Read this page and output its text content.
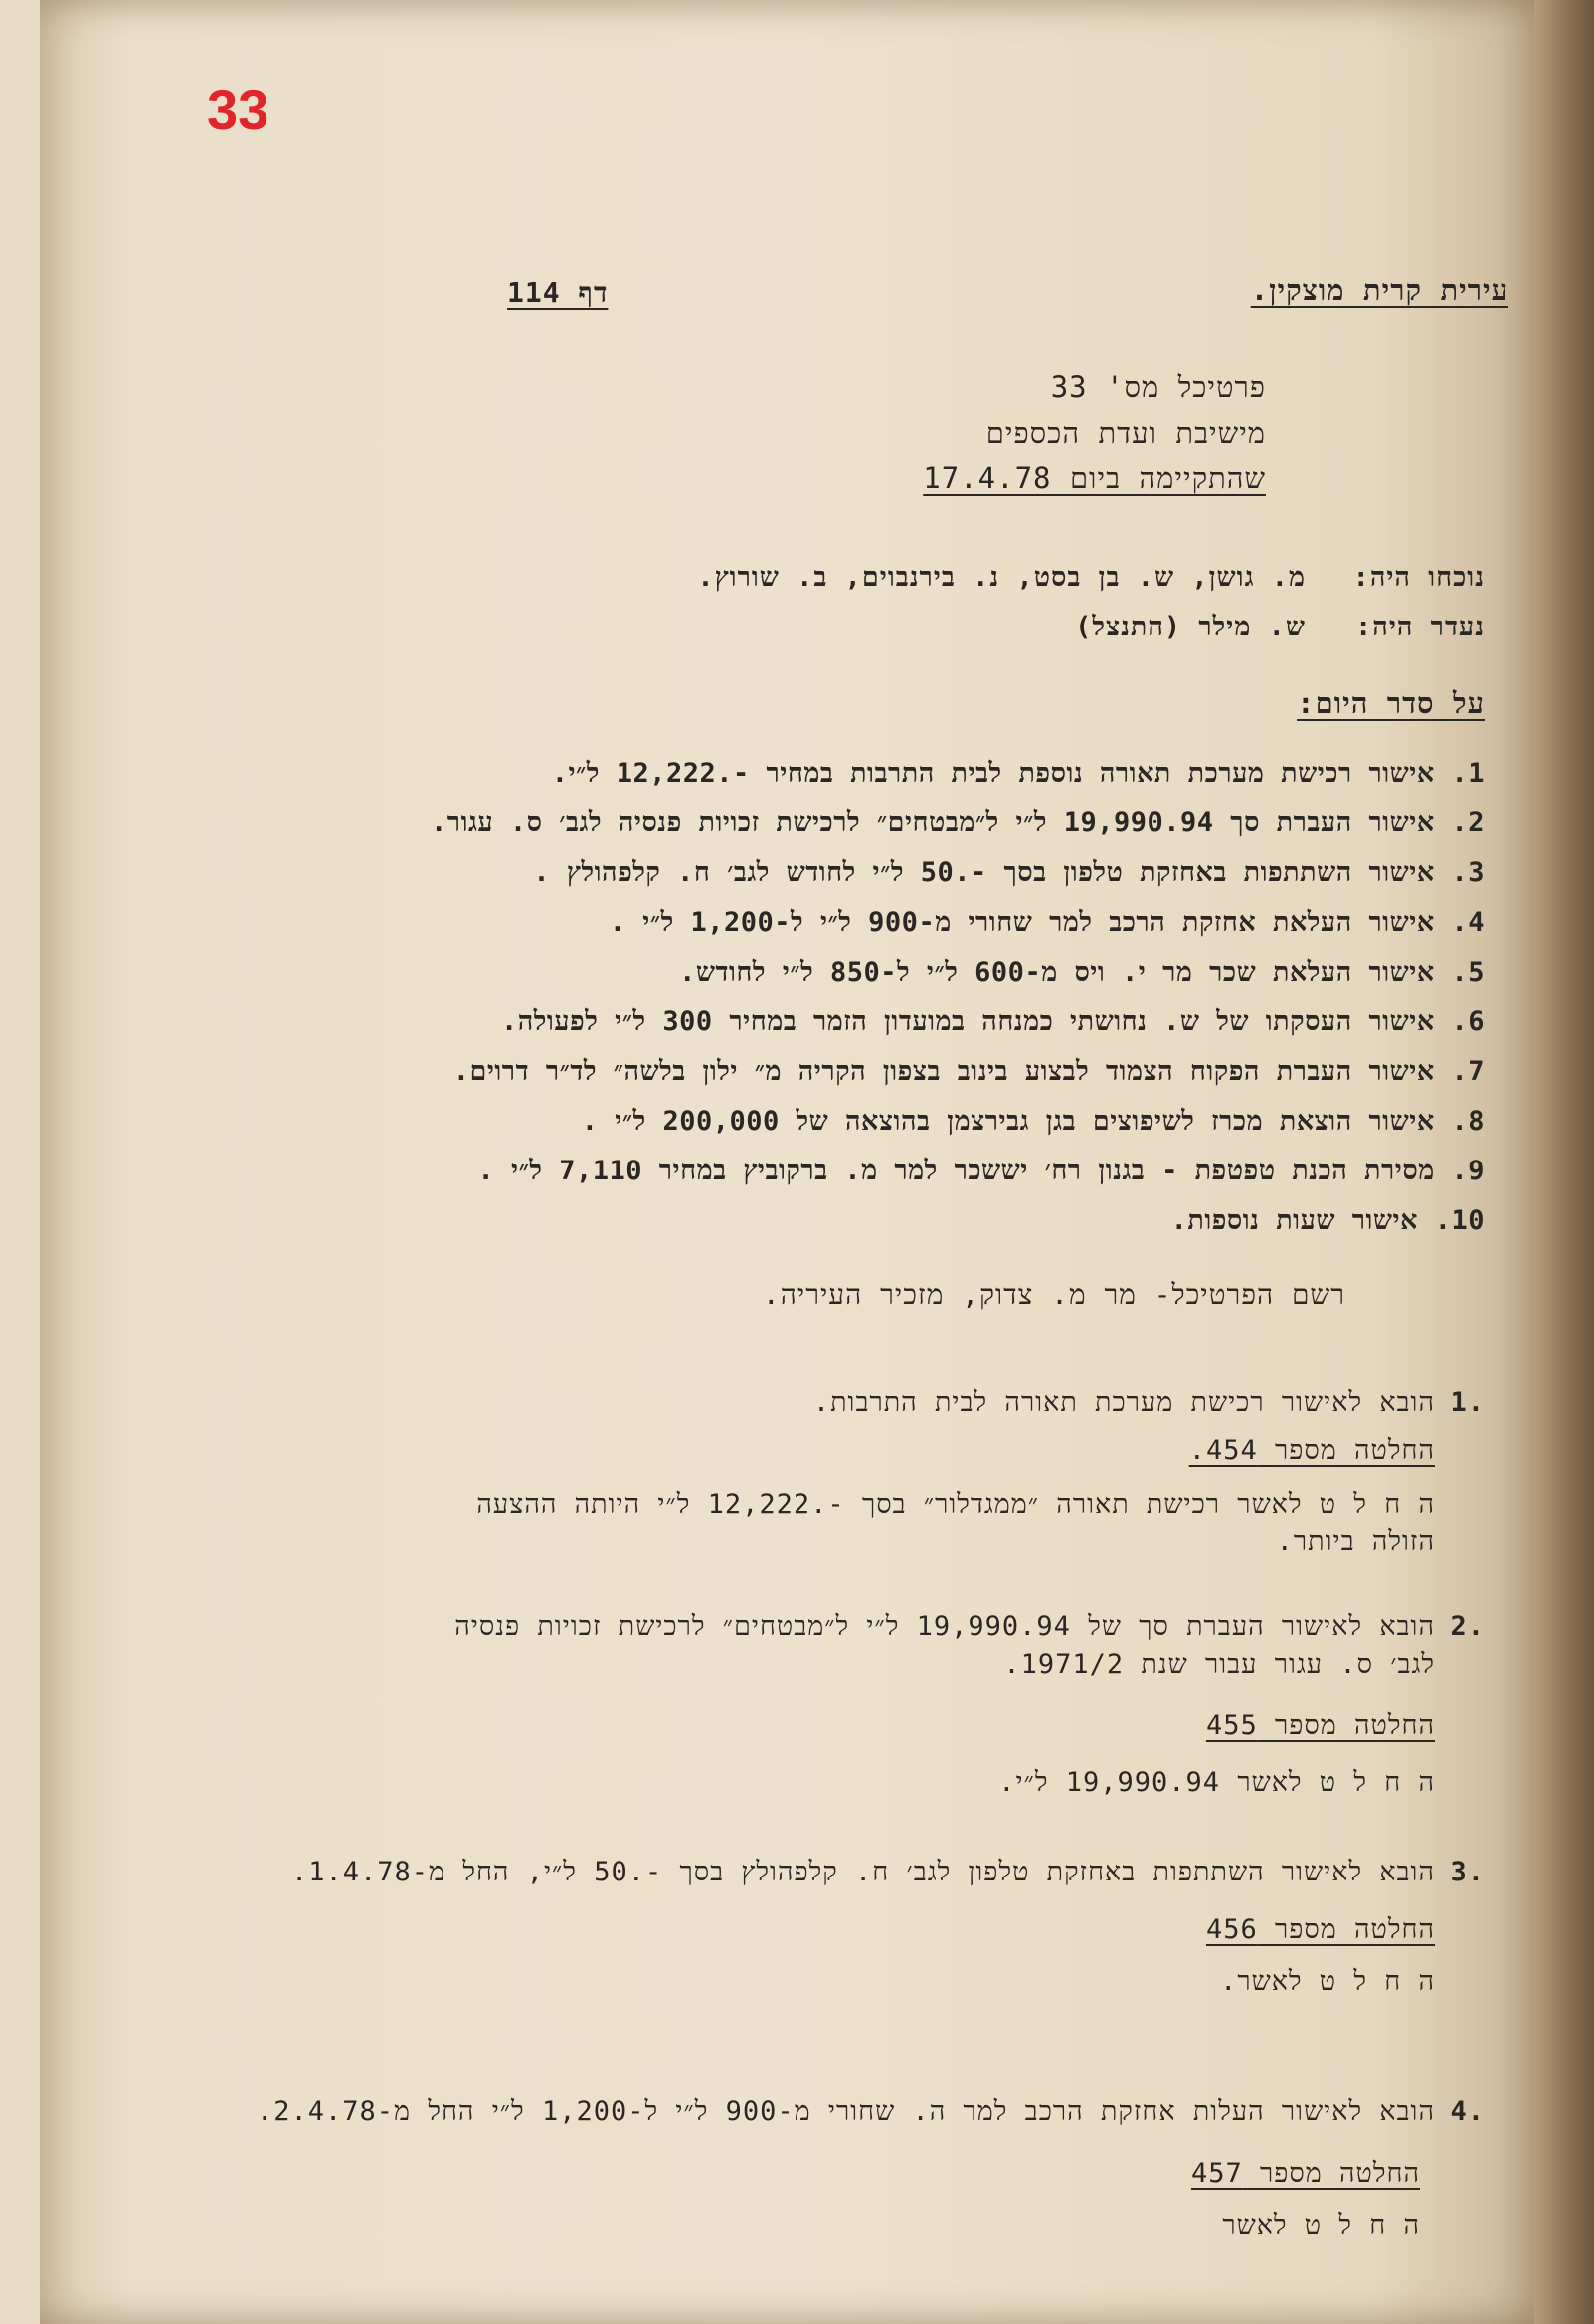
33
עירית קרית מוצקין.
דף 114
פרטיכל מס' 33
מישיבת ועדת הכספים
שהתקיימה ביום 17.4.78
נוכחו היה:
מ. גושן, ש. בן בסט, נ. בירנבוים, ב. שורוץ.
נעדר היה:
ש. מילר (התנצל)
על סדר היום:
1. אישור רכישת מערכת תאורה נוספת לבית התרבות במחיר -.12,222 ל״י.
2. אישור העברת סך 19,990.94 ל״י ל״מבטחים״ לרכישת זכויות פנסיה לגב׳ ס. עגור.
3. אישור השתתפות באחזקת טלפון בסך -.50 ל״י לחודש לגב׳ ח. קלפהולץ .
4. אישור העלאת אחזקת הרכב למר שחורי מ-900 ל״י ל-1,200 ל״י .
5. אישור העלאת שכר מר י. ויס מ-600 ל״י ל-850 ל״י לחודש.
6. אישור העסקתו של ש. נחושתי כמנחה במועדון הזמר במחיר 300 ל״י לפעולה.
7. אישור העברת הפקוח הצמוד לבצוע בינוב בצפון הקריה מ״ ילון בלשה״ לד״ר דרוים.
8. אישור הוצאת מכרז לשיפוצים בגן גבירצמן בהוצאה של 200,000 ל״י .
9. מסירת הכנת טפטפת - בגנון רח׳ יששכר למר מ. ברקוביץ במחיר 7,110 ל״י .
10. אישור שעות נוספות.
רשם הפרטיכל- מר מ. צדוק, מזכיר העיריה.
1.
הובא לאישור רכישת מערכת תאורה לבית התרבות.
החלטה מספר 454.
ה ח ל ט לאשר רכישת תאורה ״ממגדלור״ בסך -.12,222 ל״י היותה ההצעה
הזולה ביותר.
2.
הובא לאישור העברת סך של 19,990.94 ל״י ל״מבטחים״ לרכישת זכויות פנסיה
לגב׳ ס. עגור עבור שנת 1971/2.
החלטה מספר 455
ה ח ל ט לאשר 19,990.94 ל״י.
3.
הובא לאישור השתתפות באחזקת טלפון לגב׳ ח. קלפהולץ בסך -.50 ל״י, החל מ-1.4.78.
החלטה מספר 456
ה ח ל ט לאשר.
4.
הובא לאישור העלות אחזקת הרכב למר ה. שחורי מ-900 ל״י ל-1,200 ל״י החל מ-2.4.78.
החלטה מספר 457
ה ח ל ט לאשר
